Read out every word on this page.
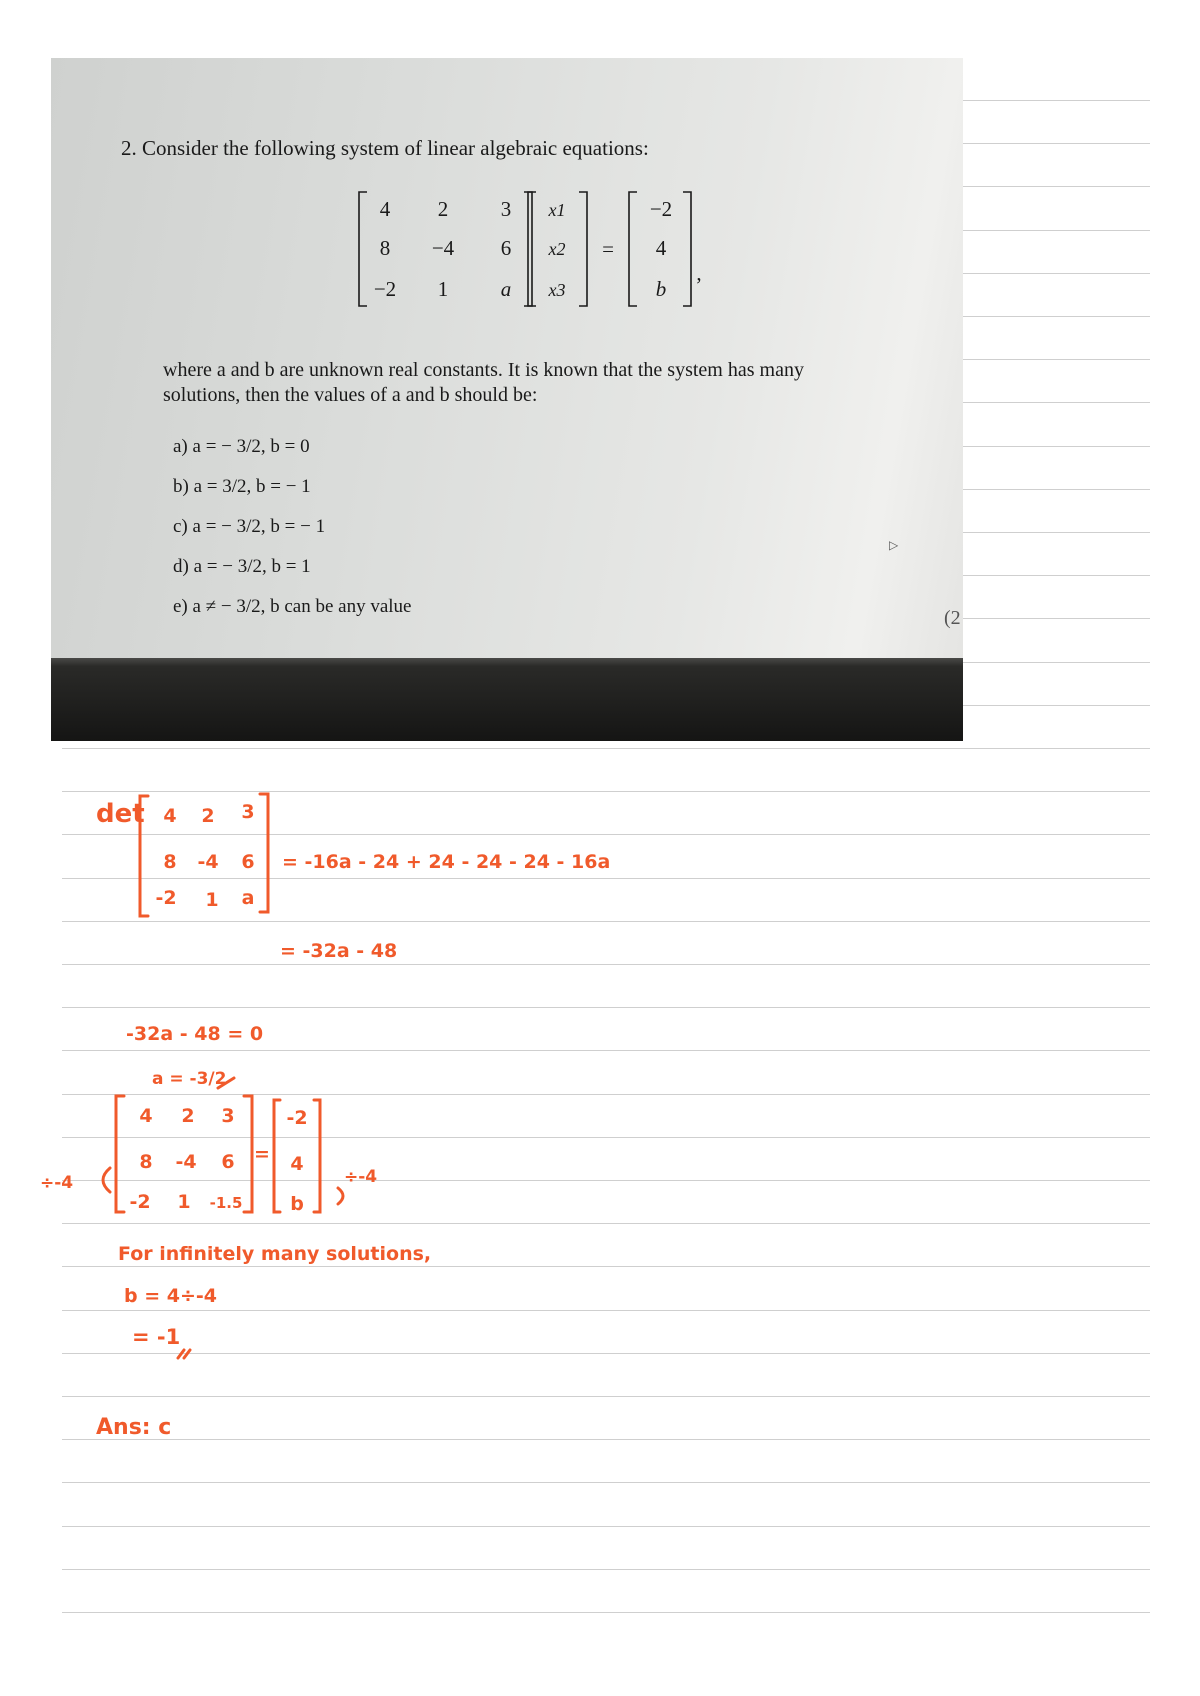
2. Consider the following system of linear algebraic equations:
4 2	3
8 −4 6
−2 1	a
x1
x2
x3
=
−2
4
b
,
where a and b are unknown real constants. It is known that the system has many
solutions, then the values of a and b should be:
a) a = − 3/2, b = 0
b) a = 3/2, b = − 1
c) a = − 3/2, b = − 1
d) a = − 3/2, b = 1
e) a ≠ − 3/2, b can be any value
▷
(2
det 4 2 3
8 -4 6
-2 1 a
= -16a - 24 + 24 - 24 - 24 - 16a
= -32a - 48
-32a - 48 = 0
a = -3/2
4 2 3
8 -4 6
-2 1 -1.5
-2
4
b
=
÷-4	÷-4
For infinitely many solutions,
b = 4÷-4
= -1
Ans: c
